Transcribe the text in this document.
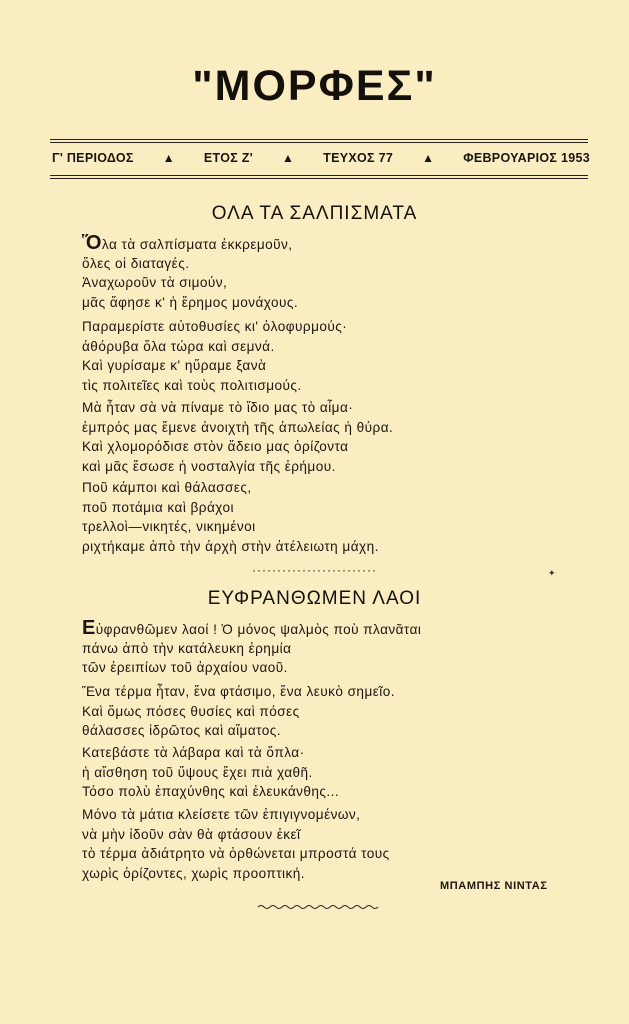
"ΜΟΡΦΕΣ"
Γ' ΠΕΡΙΟΔΟΣ ▲ ΕΤΟΣ Ζ' ▲ ΤΕΥΧΟΣ 77 ▲ ΦΕΒΡΟΥΑΡΙΟΣ 1953
ΟΛΑ ΤΑ ΣΑΛΠΙΣΜΑΤΑ
Ὅλα τὰ σαλπίσματα ἐκκρεμοῦν,
ὅλες οἱ διαταγές.
Ἀναχωροῦν τὰ σιμούν,
μᾶς ἄφησε κ' ἡ ἔρημος μονάχους.
Παραμερίστε αὐτοθυσίες κι' ὀλοφυρμούς·
ἀθόρυβα ὅλα τώρα καὶ σεμνά.
Καὶ γυρίσαμε κ' ηὕραμε ξανὰ
τὶς πολιτεῖες καὶ τοὺς πολιτισμούς.
Μὰ ἦταν σὰ νὰ πίναμε τὸ ἴδιο μας τὸ αἷμα·
ἐμπρός μας ἔμενε ἀνοιχτὴ τῆς ἀπωλείας ἡ θύρα.
Καὶ χλομορόδισε στὸν ἄδειο μας ὁρίζοντα
καὶ μᾶς ἔσωσε ἡ νοσταλγία τῆς ἐρήμου.
Ποῦ κάμποι καὶ θάλασσες,
ποῦ ποτάμια καὶ βράχοι
τρελλοὶ—νικητές, νικημένοι
ριχτήκαμε ἀπὸ τὴν ἀρχὴ στὴν ἀτέλειωτη μάχη.
·························
ΕΥΦΡΑΝΘΩΜΕΝ ΛΑΟΙ
Εὐφρανθῶμεν λαοί ! Ὁ μόνος ψαλμὸς ποὺ πλανᾶται
πάνω ἀπὸ τὴν κατάλευκη ἐρημία
τῶν ἐρειπίων τοῦ ἀρχαίου ναοῦ.
Ἕνα τέρμα ἦταν, ἕνα φτάσιμο, ἕνα λευκὸ σημεῖο.
Καὶ ὅμως πόσες θυσίες καὶ πόσες
θάλασσες ἱδρῶτος καὶ αἵματος.
Κατεβάστε τὰ λάβαρα καὶ τὰ ὅπλα·
ἡ αἴσθηση τοῦ ὕψους ἔχει πιὰ χαθῆ.
Τόσο πολὺ ἐπαχύνθης καὶ ἐλευκάνθης...
Μόνο τὰ μάτια κλείσετε τῶν ἐπιγιγνομένων,
νὰ μὴν ἰδοῦν σὰν θὰ φτάσουν ἐκεῖ
τὸ τέρμα ἀδιάτρητο νὰ ὀρθώνεται μπροστά τους
χωρὶς ὁρίζοντες, χωρὶς προοπτική.
ΜΠΑΜΠΗΣ ΝΙΝΤΑΣ
✦
